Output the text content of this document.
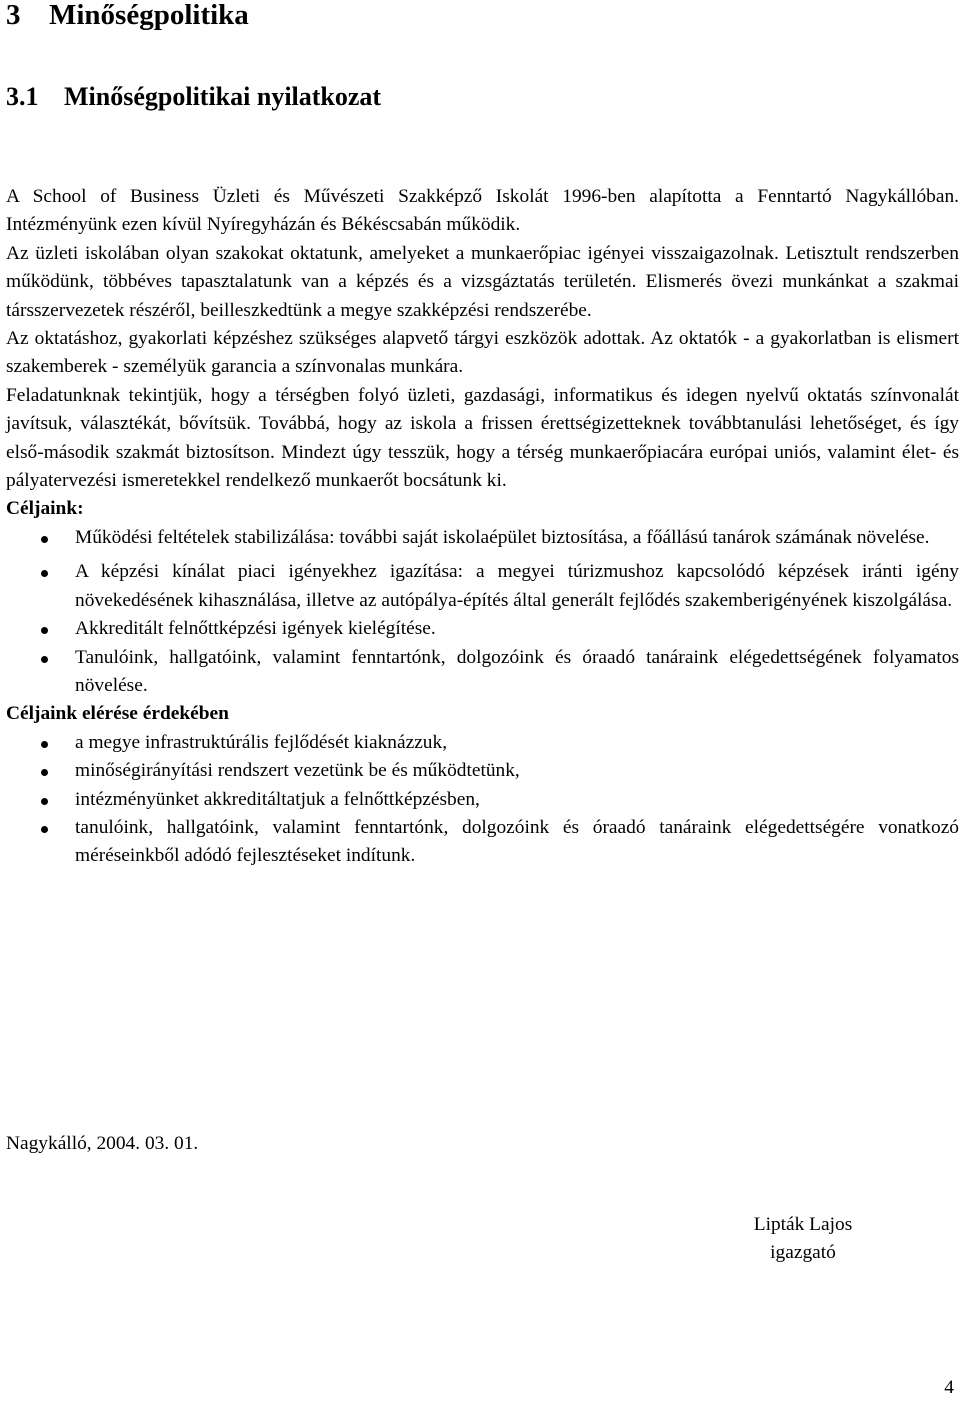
3 Minőségpolitika
3.1 Minőségpolitikai nyilatkozat

A School of Business Üzleti és Művészeti Szakképző Iskolát 1996-ben alapította a Fenntartó Nagykállóban. Intézményünk ezen kívül Nyíregyházán és Békéscsabán működik.

Az üzleti iskolában olyan szakokat oktatunk, amelyeket a munkaerőpiac igényei visszaigazolnak. Letisztult rendszerben működünk, többéves tapasztalatunk van a képzés és a vizsgáztatás területén. Elismerés övezi munkánkat a szakmai társszervezetek részéről, beilleszkedtünk a megye szakképzési rendszerébe.

Az oktatáshoz, gyakorlati képzéshez szükséges alapvető tárgyi eszközök adottak. Az oktatók - a gyakorlatban is elismert szakemberek - személyük garancia a színvonalas munkára.

Feladatunknak tekintjük, hogy a térségben folyó üzleti, gazdasági, informatikus és idegen nyelvű oktatás színvonalát javítsuk, választékát, bővítsük. Továbbá, hogy az iskola a frissen érettségizetteknek továbbtanulási lehetőséget, és így első-második szakmát biztosítson. Mindezt úgy tesszük, hogy a térség munkaerőpiacára európai uniós, valamint élet- és pályatervezési ismeretekkel rendelkező munkaerőt bocsátunk ki.

Céljaink:
Működési feltételek stabilizálása: további saját iskolaépület biztosítása, a főállású tanárok számának növelése.
A képzési kínálat piaci igényekhez igazítása: a megyei túrizmushoz kapcsolódó képzések iránti igény növekedésének kihasználása, illetve az autópálya-építés által generált fejlődés szakemberigényének kiszolgálása.
Akkreditált felnőttképzési igények kielégítése.
Tanulóink, hallgatóink, valamint fenntartónk, dolgozóink és óraadó tanáraink elégedettségének folyamatos növelése.
Céljaink elérése érdekében
a megye infrastruktúrális fejlődését kiaknázzuk,
minőségirányítási rendszert vezetünk be és működtetünk,
intézményünket akkreditáltatjuk a felnőttképzésben,
tanulóink, hallgatóink, valamint fenntartónk, dolgozóink és óraadó tanáraink elégedettségére vonatkozó méréseinkből adódó fejlesztéseket indítunk.
Nagykálló, 2004. 03. 01.
Lipták Lajos
igazgató
4
